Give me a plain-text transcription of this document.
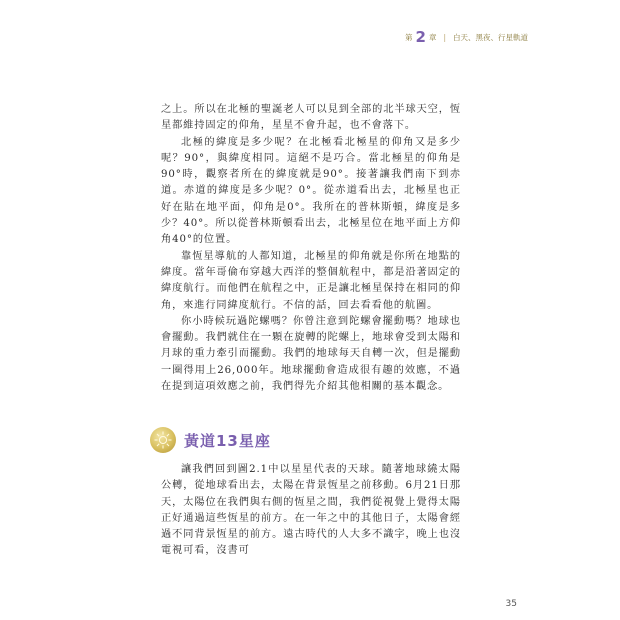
第 2 章 | 白天、黑夜、行星軌道

之上。所以在北極的聖誕老人可以見到全部的北半球天空，恆星都維持固定的仰角，星星不會升起，也不會落下。

北極的緯度是多少呢？在北極看北極星的仰角又是多少呢？90°，與緯度相同。這絕不是巧合。當北極星的仰角是90°時，觀察者所在的緯度就是90°。接著讓我們南下到赤道。赤道的緯度是多少呢？0°。從赤道看出去，北極星也正好在貼在地平面，仰角是0°。我所在的普林斯頓，緯度是多少？40°。所以從普林斯頓看出去，北極星位在地平面上方仰角40°的位置。

靠恆星導航的人都知道，北極星的仰角就是你所在地點的緯度。當年哥倫布穿越大西洋的整個航程中，都是沿著固定的緯度航行。而他們在航程之中，正是讓北極星保持在相同的仰角，來進行同緯度航行。不信的話，回去看看他的航圖。

你小時候玩過陀螺嗎？你曾注意到陀螺會擺動嗎？地球也會擺動。我們就住在一顆在旋轉的陀螺上，地球會受到太陽和月球的重力牽引而擺動。我們的地球每天自轉一次，但是擺動一圈得用上26,000年。地球擺動會造成很有趣的效應，不過在提到這項效應之前，我們得先介紹其他相關的基本觀念。

黃道13星座

讓我們回到圖2.1中以星星代表的天球。隨著地球繞太陽公轉，從地球看出去，太陽在背景恆星之前移動。6月21日那天，太陽位在我們與右側的恆星之間，我們從視覺上覺得太陽正好通過這些恆星的前方。在一年之中的其他日子，太陽會經過不同背景恆星的前方。遠古時代的人大多不識字，晚上也沒電視可看，沒書可

35
